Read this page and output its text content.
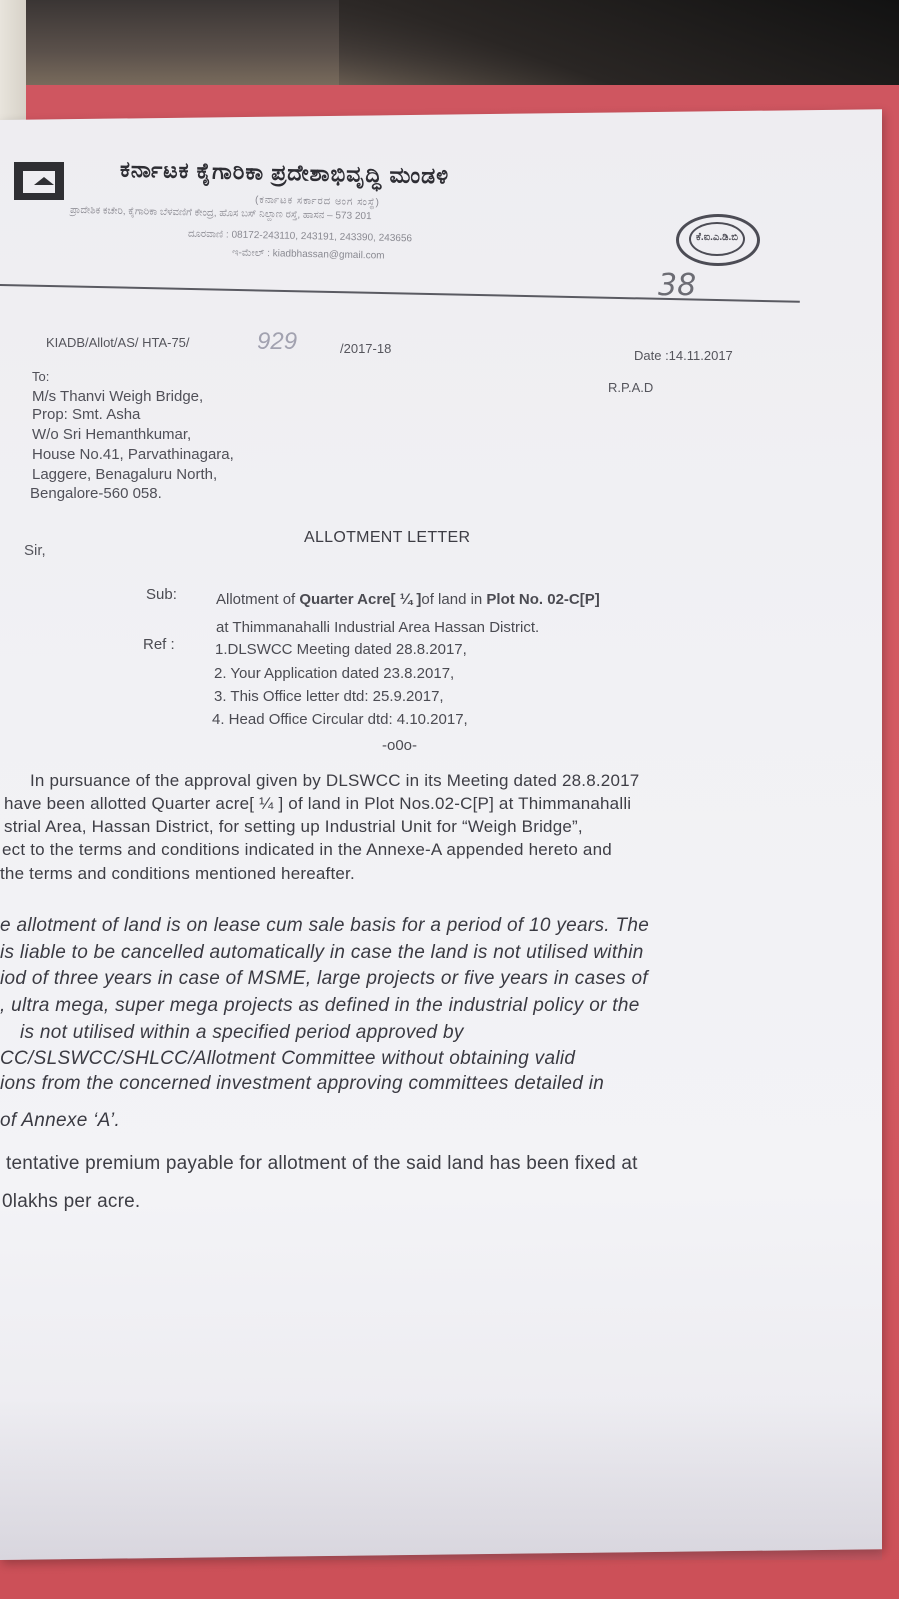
ಕರ್ನಾಟಕ ಕೈಗಾರಿಕಾ ಪ್ರದೇಶಾಭಿವೃದ್ಧಿ ಮಂಡಳಿ
(ಕರ್ನಾಟಕ ಸರ್ಕಾರದ ಅಂಗ ಸಂಸ್ಥೆ)
ಪ್ರಾದೇಶಿಕ ಕಚೇರಿ, ಕೈಗಾರಿಕಾ ಬೆಳವಣಿಗೆ ಕೇಂದ್ರ, ಹೊಸ ಬಸ್ ನಿಲ್ದಾಣ ರಸ್ತೆ, ಹಾಸನ – 573 201
ದೂರವಾಣಿ : 08172-243110, 243191, 243390, 243656
ಇ-ಮೇಲ್ : kiadbhassan@gmail.com
ಕೆ.ಐ.ಎ.ಡಿ.ಬಿ
38
KIADB/Allot/AS/ HTA-75/	929	/2017-18	Date :14.11.2017
R.P.A.D
To:
M/s Thanvi Weigh Bridge,
Prop: Smt. Asha
W/o Sri Hemanthkumar,
House No.41, Parvathinagara,
Laggere, Benagaluru North,
Bengalore-560 058.
ALLOTMENT LETTER
Sir,
Sub:	Allotment of Quarter Acre[ ¼ ]of land in Plot No. 02-C[P]
at Thimmanahalli Industrial Area Hassan District.
Ref :	1.DLSWCC Meeting dated 28.8.2017,
2. Your Application dated 23.8.2017,
3. This Office letter dtd: 25.9.2017,
4. Head Office Circular dtd: 4.10.2017,
-o0o-
In pursuance of the approval given by DLSWCC in its Meeting dated 28.8.2017
have been allotted Quarter acre[ ¼ ] of land in Plot Nos.02-C[P] at Thimmanahalli
strial Area, Hassan District, for setting up Industrial Unit for “Weigh Bridge”,
ect to the terms and conditions indicated in the Annexe-A appended hereto and
the terms and conditions mentioned hereafter.
e allotment of land is on lease cum sale basis for a period of 10 years. The
is liable to be cancelled automatically in case the land is not utilised within
iod of three years in case of MSME, large projects or five years in cases of
, ultra mega, super mega projects as defined in the industrial policy or the
is not utilised within a specified period approved by
CC/SLSWCC/SHLCC/Allotment Committee without obtaining valid
ions from the concerned investment approving committees detailed in
of Annexe ‘A’.
tentative premium payable for allotment of the said land has been fixed at
0lakhs per acre.
